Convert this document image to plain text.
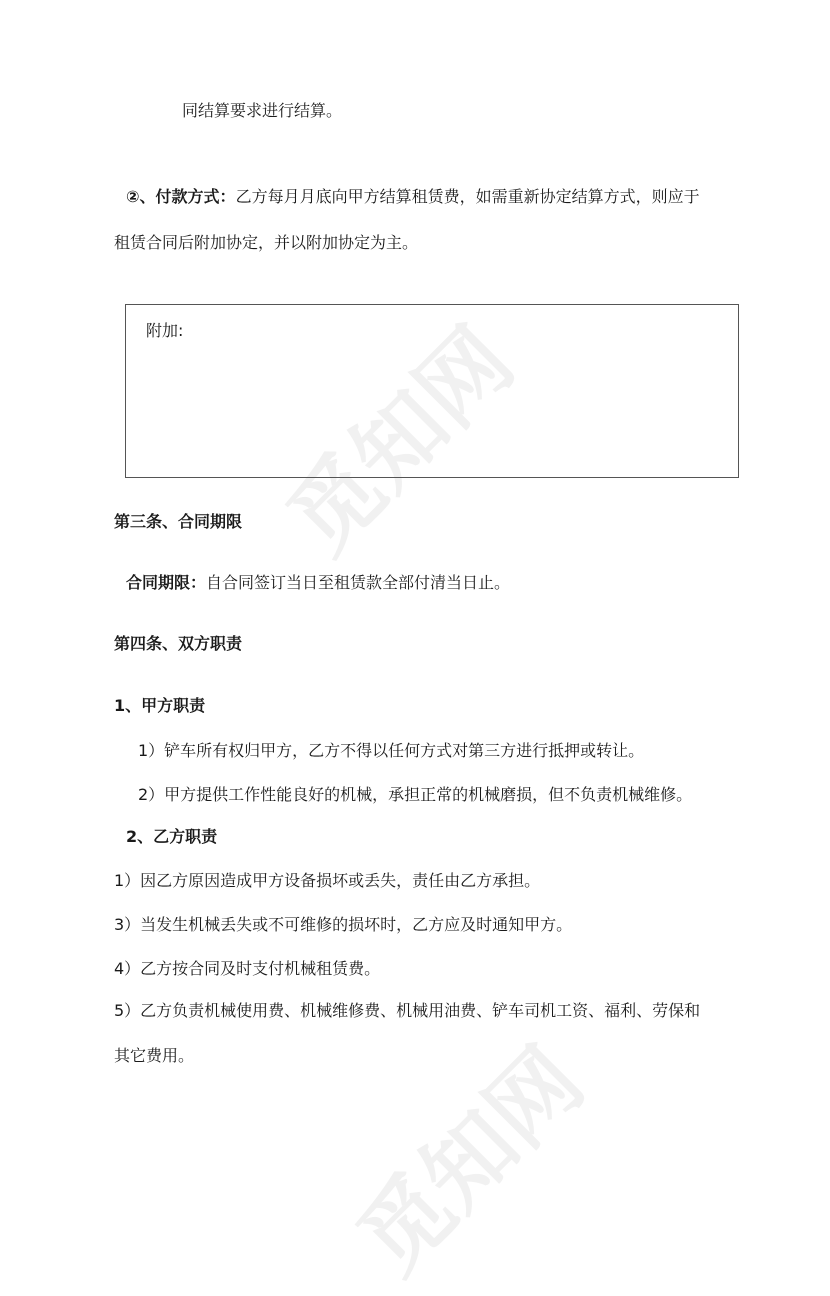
觅知网
觅知网
同结算要求进行结算。
②、付款方式：乙方每月月底向甲方结算租赁费，如需重新协定结算方式，则应于
租赁合同后附加协定，并以附加协定为主。
附加:
第三条、合同期限
合同期限：自合同签订当日至租赁款全部付清当日止。
第四条、双方职责
1、甲方职责
1）铲车所有权归甲方，乙方不得以任何方式对第三方进行抵押或转让。
2）甲方提供工作性能良好的机械，承担正常的机械磨损，但不负责机械维修。
2、乙方职责
1）因乙方原因造成甲方设备损坏或丢失，责任由乙方承担。
3）当发生机械丢失或不可维修的损坏时，乙方应及时通知甲方。
4）乙方按合同及时支付机械租赁费。
5）乙方负责机械使用费、机械维修费、机械用油费、铲车司机工资、福利、劳保和
其它费用。
